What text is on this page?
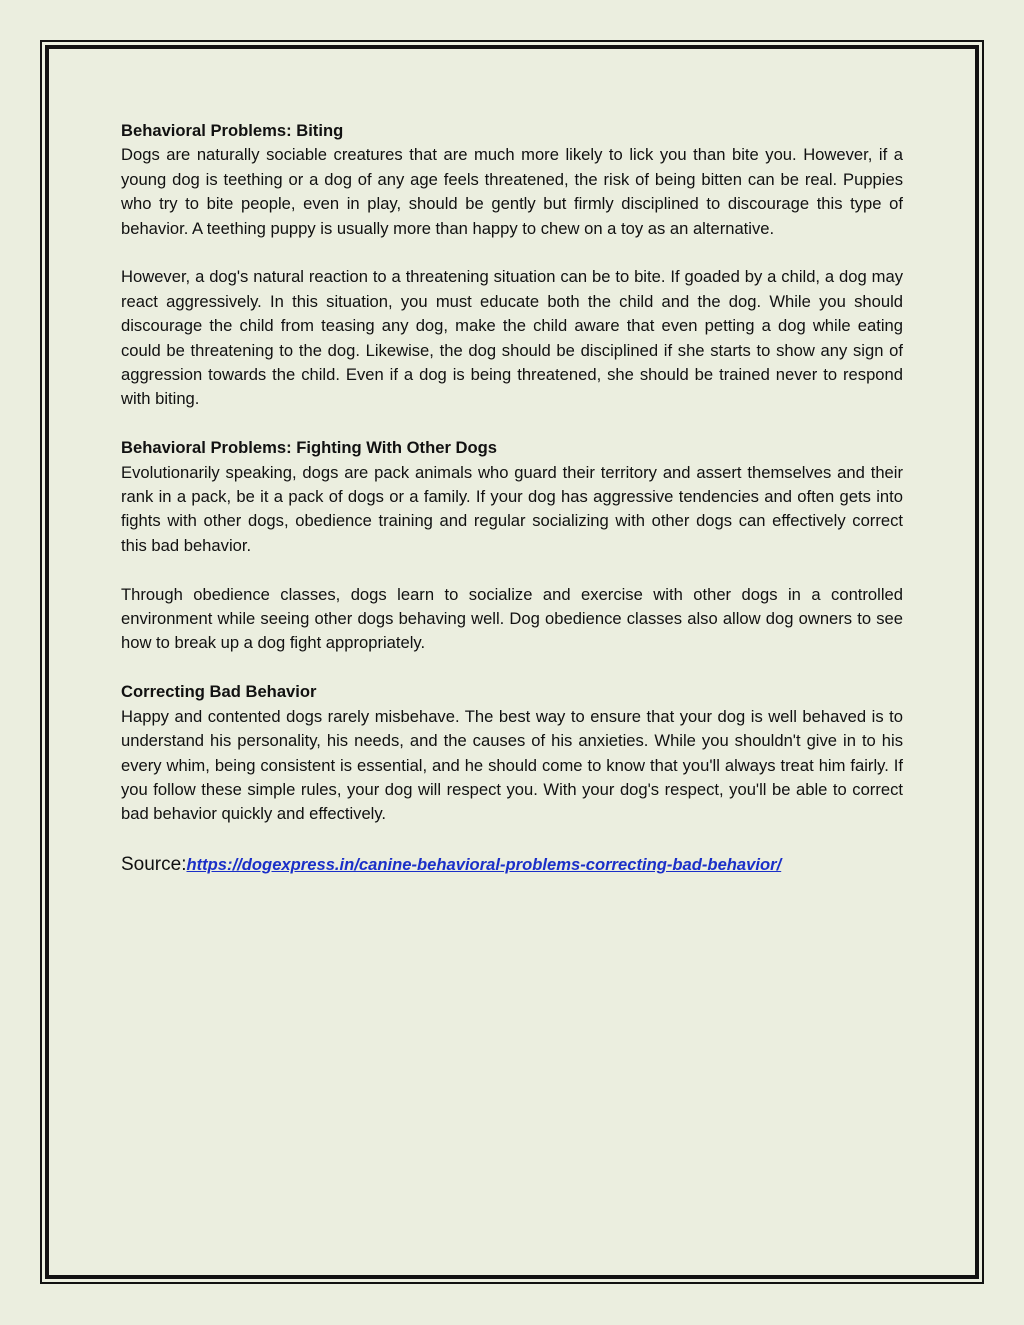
Behavioral Problems: Biting

Dogs are naturally sociable creatures that are much more likely to lick you than bite you. However, if a young dog is teething or a dog of any age feels threatened, the risk of being bitten can be real. Puppies who try to bite people, even in play, should be gently but firmly disciplined to discourage this type of behavior. A teething puppy is usually more than happy to chew on a toy as an alternative.

However, a dog's natural reaction to a threatening situation can be to bite. If goaded by a child, a dog may react aggressively. In this situation, you must educate both the child and the dog. While you should discourage the child from teasing any dog, make the child aware that even petting a dog while eating could be threatening to the dog. Likewise, the dog should be disciplined if she starts to show any sign of aggression towards the child. Even if a dog is being threatened, she should be trained never to respond with biting.

Behavioral Problems: Fighting With Other Dogs

Evolutionarily speaking, dogs are pack animals who guard their territory and assert themselves and their rank in a pack, be it a pack of dogs or a family. If your dog has aggressive tendencies and often gets into fights with other dogs, obedience training and regular socializing with other dogs can effectively correct this bad behavior.

Through obedience classes, dogs learn to socialize and exercise with other dogs in a controlled environment while seeing other dogs behaving well. Dog obedience classes also allow dog owners to see how to break up a dog fight appropriately.

Correcting Bad Behavior

Happy and contented dogs rarely misbehave. The best way to ensure that your dog is well behaved is to understand his personality, his needs, and the causes of his anxieties. While you shouldn't give in to his every whim, being consistent is essential, and he should come to know that you'll always treat him fairly. If you follow these simple rules, your dog will respect you. With your dog's respect, you'll be able to correct bad behavior quickly and effectively.

Source:https://dogexpress.in/canine-behavioral-problems-correcting-bad-behavior/
